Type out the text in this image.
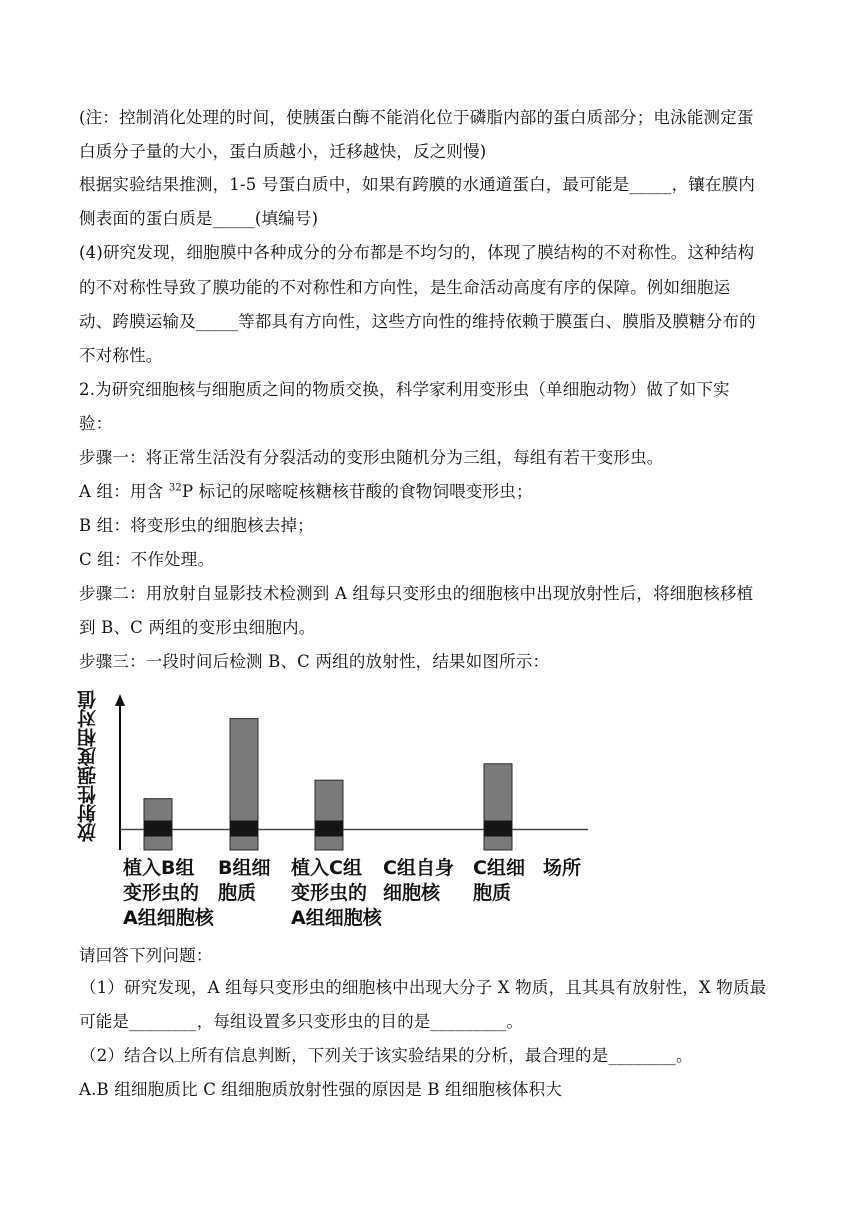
(注：控制消化处理的时间，使胰蛋白酶不能消化位于磷脂内部的蛋白质部分；电泳能测定蛋
白质分子量的大小，蛋白质越小，迁移越快，反之则慢)
根据实验结果推测，1-5 号蛋白质中，如果有跨膜的水通道蛋白，最可能是_____，镶在膜内
侧表面的蛋白质是_____(填编号)
(4)研究发现，细胞膜中各种成分的分布都是不均匀的，体现了膜结构的不对称性。这种结构
的不对称性导致了膜功能的不对称性和方向性，是生命活动高度有序的保障。例如细胞运
动、跨膜运输及_____等都具有方向性，这些方向性的维持依赖于膜蛋白、膜脂及膜糖分布的
不对称性。
2.为研究细胞核与细胞质之间的物质交换，科学家利用变形虫（单细胞动物）做了如下实
验：
步骤一：将正常生活没有分裂活动的变形虫随机分为三组，每组有若干变形虫。
A 组：用含 $^{32}$P 标记的尿嘧啶核糖核苷酸的食物饲喂变形虫；
B 组：将变形虫的细胞核去掉；
C 组：不作处理。
步骤二：用放射自显影技术检测到 A 组每只变形虫的细胞核中出现放射性后，将细胞核移植
到 B、C 两组的变形虫细胞内。
步骤三：一段时间后检测 B、C 两组的放射性，结果如图所示：
放射性强度相对值
植入B组
变形虫的
A组细胞核
B组细
胞质
植入C组
变形虫的
A组细胞核
C组自身
细胞核
C组细
胞质
场所
请回答下列问题：
（1）研究发现，A 组每只变形虫的细胞核中出现大分子 X 物质，且其具有放射性，X 物质最
可能是________，每组设置多只变形虫的目的是_________。
（2）结合以上所有信息判断，下列关于该实验结果的分析，最合理的是________。
A.B 组细胞质比 C 组细胞质放射性强的原因是 B 组细胞核体积大
